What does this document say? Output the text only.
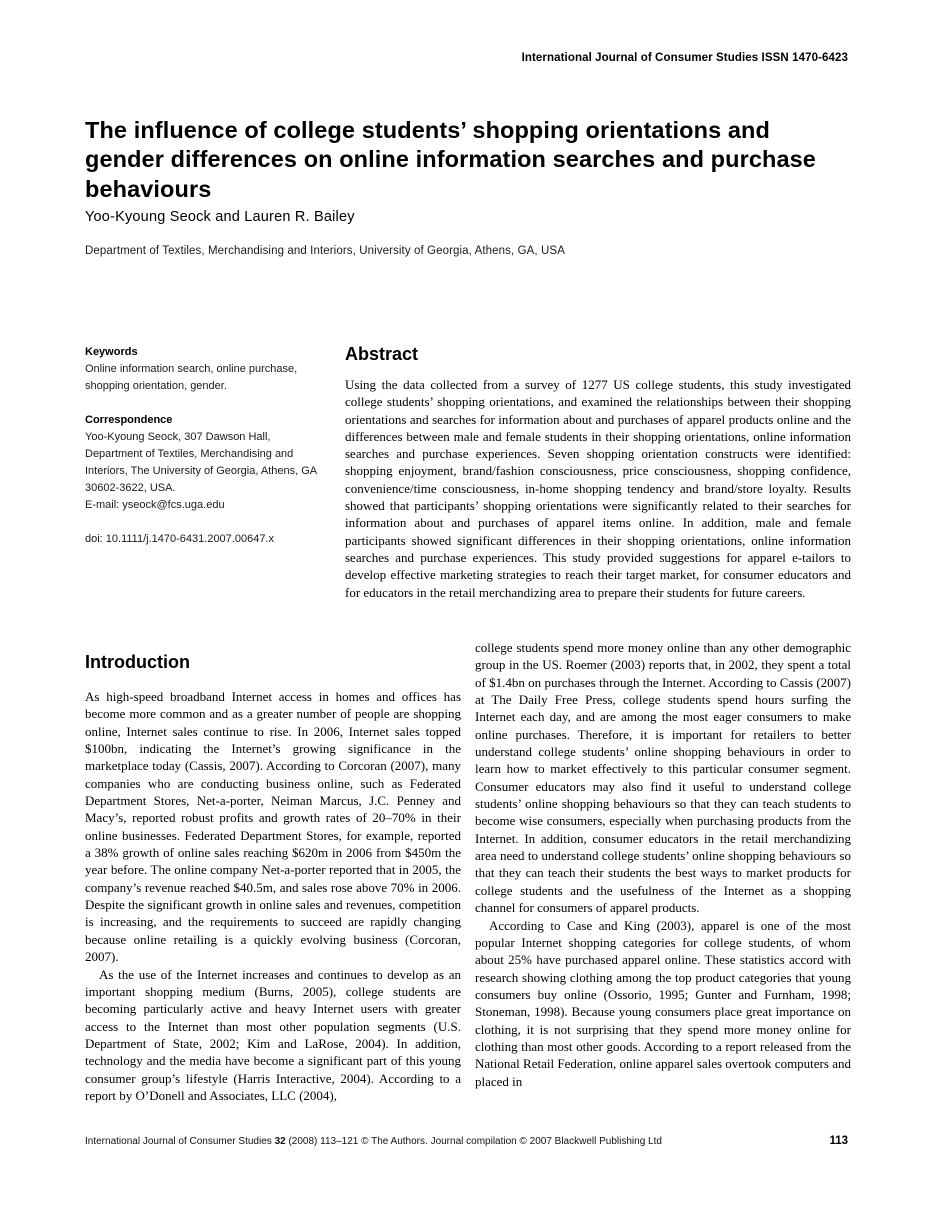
International Journal of Consumer Studies ISSN 1470-6423
The influence of college students’ shopping orientations and gender differences on online information searches and purchase behaviours
Yoo-Kyoung Seock and Lauren R. Bailey
Department of Textiles, Merchandising and Interiors, University of Georgia, Athens, GA, USA

Keywords

Online information search, online purchase, shopping orientation, gender.

Correspondence

Yoo-Kyoung Seock, 307 Dawson Hall, Department of Textiles, Merchandising and Interiors, The University of Georgia, Athens, GA 30602-3622, USA.

E-mail: yseock@fcs.uga.edu

doi: 10.1111/j.1470-6431.2007.00647.x

Abstract

Using the data collected from a survey of 1277 US college students, this study investigated college students’ shopping orientations, and examined the relationships between their shopping orientations and searches for information about and purchases of apparel products online and the differences between male and female students in their shopping orientations, online information searches and purchase experiences. Seven shopping orientation constructs were identified: shopping enjoyment, brand/fashion consciousness, price consciousness, shopping confidence, convenience/time consciousness, in-home shopping tendency and brand/store loyalty. Results showed that participants’ shopping orientations were significantly related to their searches for information about and purchases of apparel items online. In addition, male and female participants showed significant differences in their shopping orientations, online information searches and purchase experiences. This study provided suggestions for apparel e-tailors to develop effective marketing strategies to reach their target market, for consumer educators and for educators in the retail merchandizing area to prepare their students for future careers.

Introduction

As high-speed broadband Internet access in homes and offices has become more common and as a greater number of people are shopping online, Internet sales continue to rise. In 2006, Internet sales topped $100bn, indicating the Internet’s growing significance in the marketplace today (Cassis, 2007). According to Corcoran (2007), many companies who are conducting business online, such as Federated Department Stores, Net-a-porter, Neiman Marcus, J.C. Penney and Macy’s, reported robust profits and growth rates of 20–70% in their online businesses. Federated Department Stores, for example, reported a 38% growth of online sales reaching $620m in 2006 from $450m the year before. The online company Net-a-porter reported that in 2005, the company’s revenue reached $40.5m, and sales rose above 70% in 2006. Despite the significant growth in online sales and revenues, competition is increasing, and the requirements to succeed are rapidly changing because online retailing is a quickly evolving business (Corcoran, 2007).

As the use of the Internet increases and continues to develop as an important shopping medium (Burns, 2005), college students are becoming particularly active and heavy Internet users with greater access to the Internet than most other population segments (U.S. Department of State, 2002; Kim and LaRose, 2004). In addition, technology and the media have become a significant part of this young consumer group’s lifestyle (Harris Interactive, 2004). According to a report by O’Donell and Associates, LLC (2004),

college students spend more money online than any other demographic group in the US. Roemer (2003) reports that, in 2002, they spent a total of $1.4bn on purchases through the Internet. According to Cassis (2007) at The Daily Free Press, college students spend hours surfing the Internet each day, and are among the most eager consumers to make online purchases. Therefore, it is important for retailers to better understand college students’ online shopping behaviours in order to learn how to market effectively to this particular consumer segment. Consumer educators may also find it useful to understand college students’ online shopping behaviours so that they can teach students to become wise consumers, especially when purchasing products from the Internet. In addition, consumer educators in the retail merchandizing area need to understand college students’ online shopping behaviours so that they can teach their students the best ways to market products for college students and the usefulness of the Internet as a shopping channel for consumers of apparel products.

According to Case and King (2003), apparel is one of the most popular Internet shopping categories for college students, of whom about 25% have purchased apparel online. These statistics accord with research showing clothing among the top product categories that young consumers buy online (Ossorio, 1995; Gunter and Furnham, 1998; Stoneman, 1998). Because young consumers place great importance on clothing, it is not surprising that they spend more money online for clothing than most other goods. According to a report released from the National Retail Federation, online apparel sales overtook computers and placed in

International Journal of Consumer Studies 32 (2008) 113–121 © The Authors. Journal compilation © 2007 Blackwell Publishing Ltd	113
